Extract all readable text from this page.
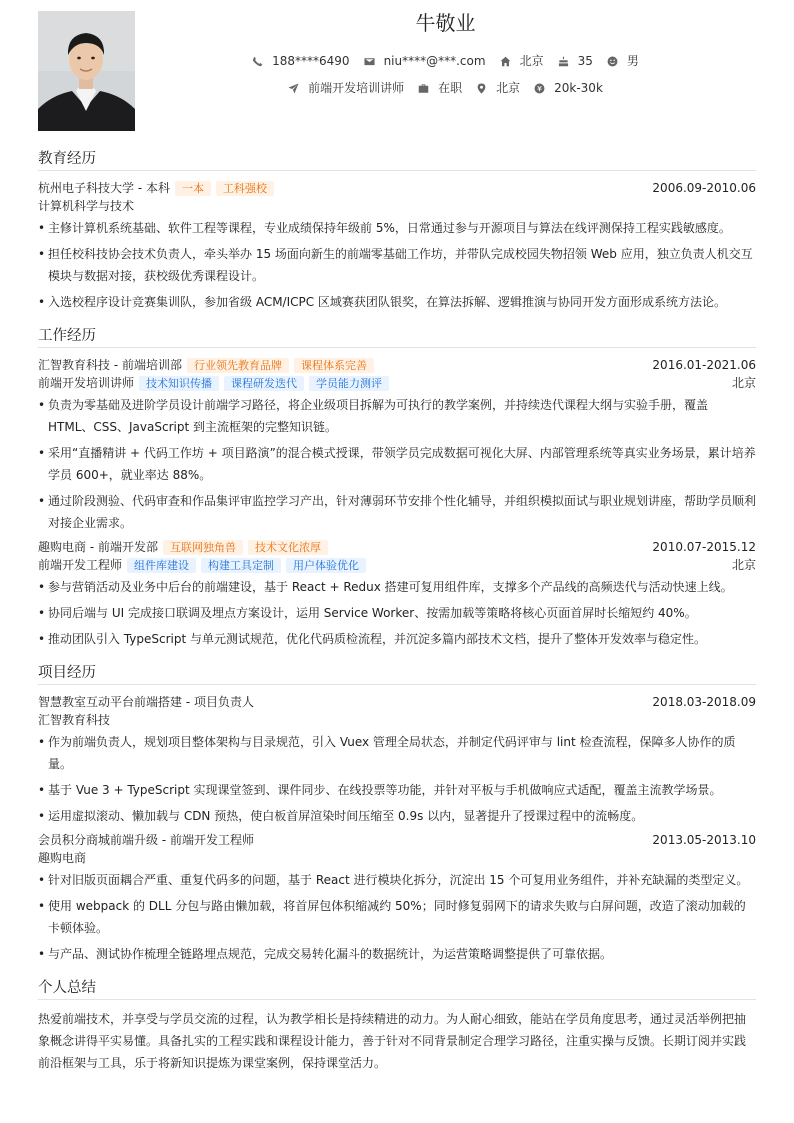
牛敬业
188****6490	niu****@***.com	北京	35	男
前端开发培训讲师	在职	北京	20k-30k
教育经历
杭州电子科技大学 - 本科	一本	工科强校	2006.09-2010.06
计算机科学与技术
• 主修计算机系统基础、软件工程等课程，专业成绩保持年级前 5%，日常通过参与开源项目与算法在线评测保持工程实践敏感度。
• 担任校科技协会技术负责人，牵头举办 15 场面向新生的前端零基础工作坊，并带队完成校园失物招领 Web 应用，独立负责人机交互模块与数据对接，获校级优秀课程设计。
• 入选校程序设计竞赛集训队，参加省级 ACM/ICPC 区域赛获团队银奖，在算法拆解、逻辑推演与协同开发方面形成系统方法论。
工作经历
汇智教育科技 - 前端培训部	行业领先教育品牌	课程体系完善	2016.01-2021.06
前端开发培训讲师	技术知识传播	课程研发迭代	学员能力测评	北京
• 负责为零基础及进阶学员设计前端学习路径，将企业级项目拆解为可执行的教学案例，并持续迭代课程大纲与实验手册，覆盖 HTML、CSS、JavaScript 到主流框架的完整知识链。
• 采用“直播精讲 + 代码工作坊 + 项目路演”的混合模式授课，带领学员完成数据可视化大屏、内部管理系统等真实业务场景，累计培养学员 600+，就业率达 88%。
• 通过阶段测验、代码审查和作品集评审监控学习产出，针对薄弱环节安排个性化辅导，并组织模拟面试与职业规划讲座，帮助学员顺利对接企业需求。
趣购电商 - 前端开发部	互联网独角兽	技术文化浓厚	2010.07-2015.12
前端开发工程师	组件库建设	构建工具定制	用户体验优化	北京
• 参与营销活动及业务中后台的前端建设，基于 React + Redux 搭建可复用组件库，支撑多个产品线的高频迭代与活动快速上线。
• 协同后端与 UI 完成接口联调及埋点方案设计，运用 Service Worker、按需加载等策略将核心页面首屏时长缩短约 40%。
• 推动团队引入 TypeScript 与单元测试规范，优化代码质检流程，并沉淀多篇内部技术文档，提升了整体开发效率与稳定性。
项目经历
智慧教室互动平台前端搭建 - 项目负责人	2018.03-2018.09
汇智教育科技
• 作为前端负责人，规划项目整体架构与目录规范，引入 Vuex 管理全局状态，并制定代码评审与 lint 检查流程，保障多人协作的质量。
• 基于 Vue 3 + TypeScript 实现课堂签到、课件同步、在线投票等功能，并针对平板与手机做响应式适配，覆盖主流教学场景。
• 运用虚拟滚动、懒加载与 CDN 预热，使白板首屏渲染时间压缩至 0.9s 以内，显著提升了授课过程中的流畅度。
会员积分商城前端升级 - 前端开发工程师	2013.05-2013.10
趣购电商
• 针对旧版页面耦合严重、重复代码多的问题，基于 React 进行模块化拆分，沉淀出 15 个可复用业务组件，并补充缺漏的类型定义。
• 使用 webpack 的 DLL 分包与路由懒加载，将首屏包体积缩减约 50%；同时修复弱网下的请求失败与白屏问题，改造了滚动加载的卡顿体验。
• 与产品、测试协作梳理全链路埋点规范，完成交易转化漏斗的数据统计，为运营策略调整提供了可靠依据。
个人总结
热爱前端技术，并享受与学员交流的过程，认为教学相长是持续精进的动力。为人耐心细致，能站在学员角度思考，通过灵活举例把抽象概念讲得平实易懂。具备扎实的工程实践和课程设计能力，善于针对不同背景制定合理学习路径，注重实操与反馈。长期订阅并实践前沿框架与工具，乐于将新知识提炼为课堂案例，保持课堂活力。
